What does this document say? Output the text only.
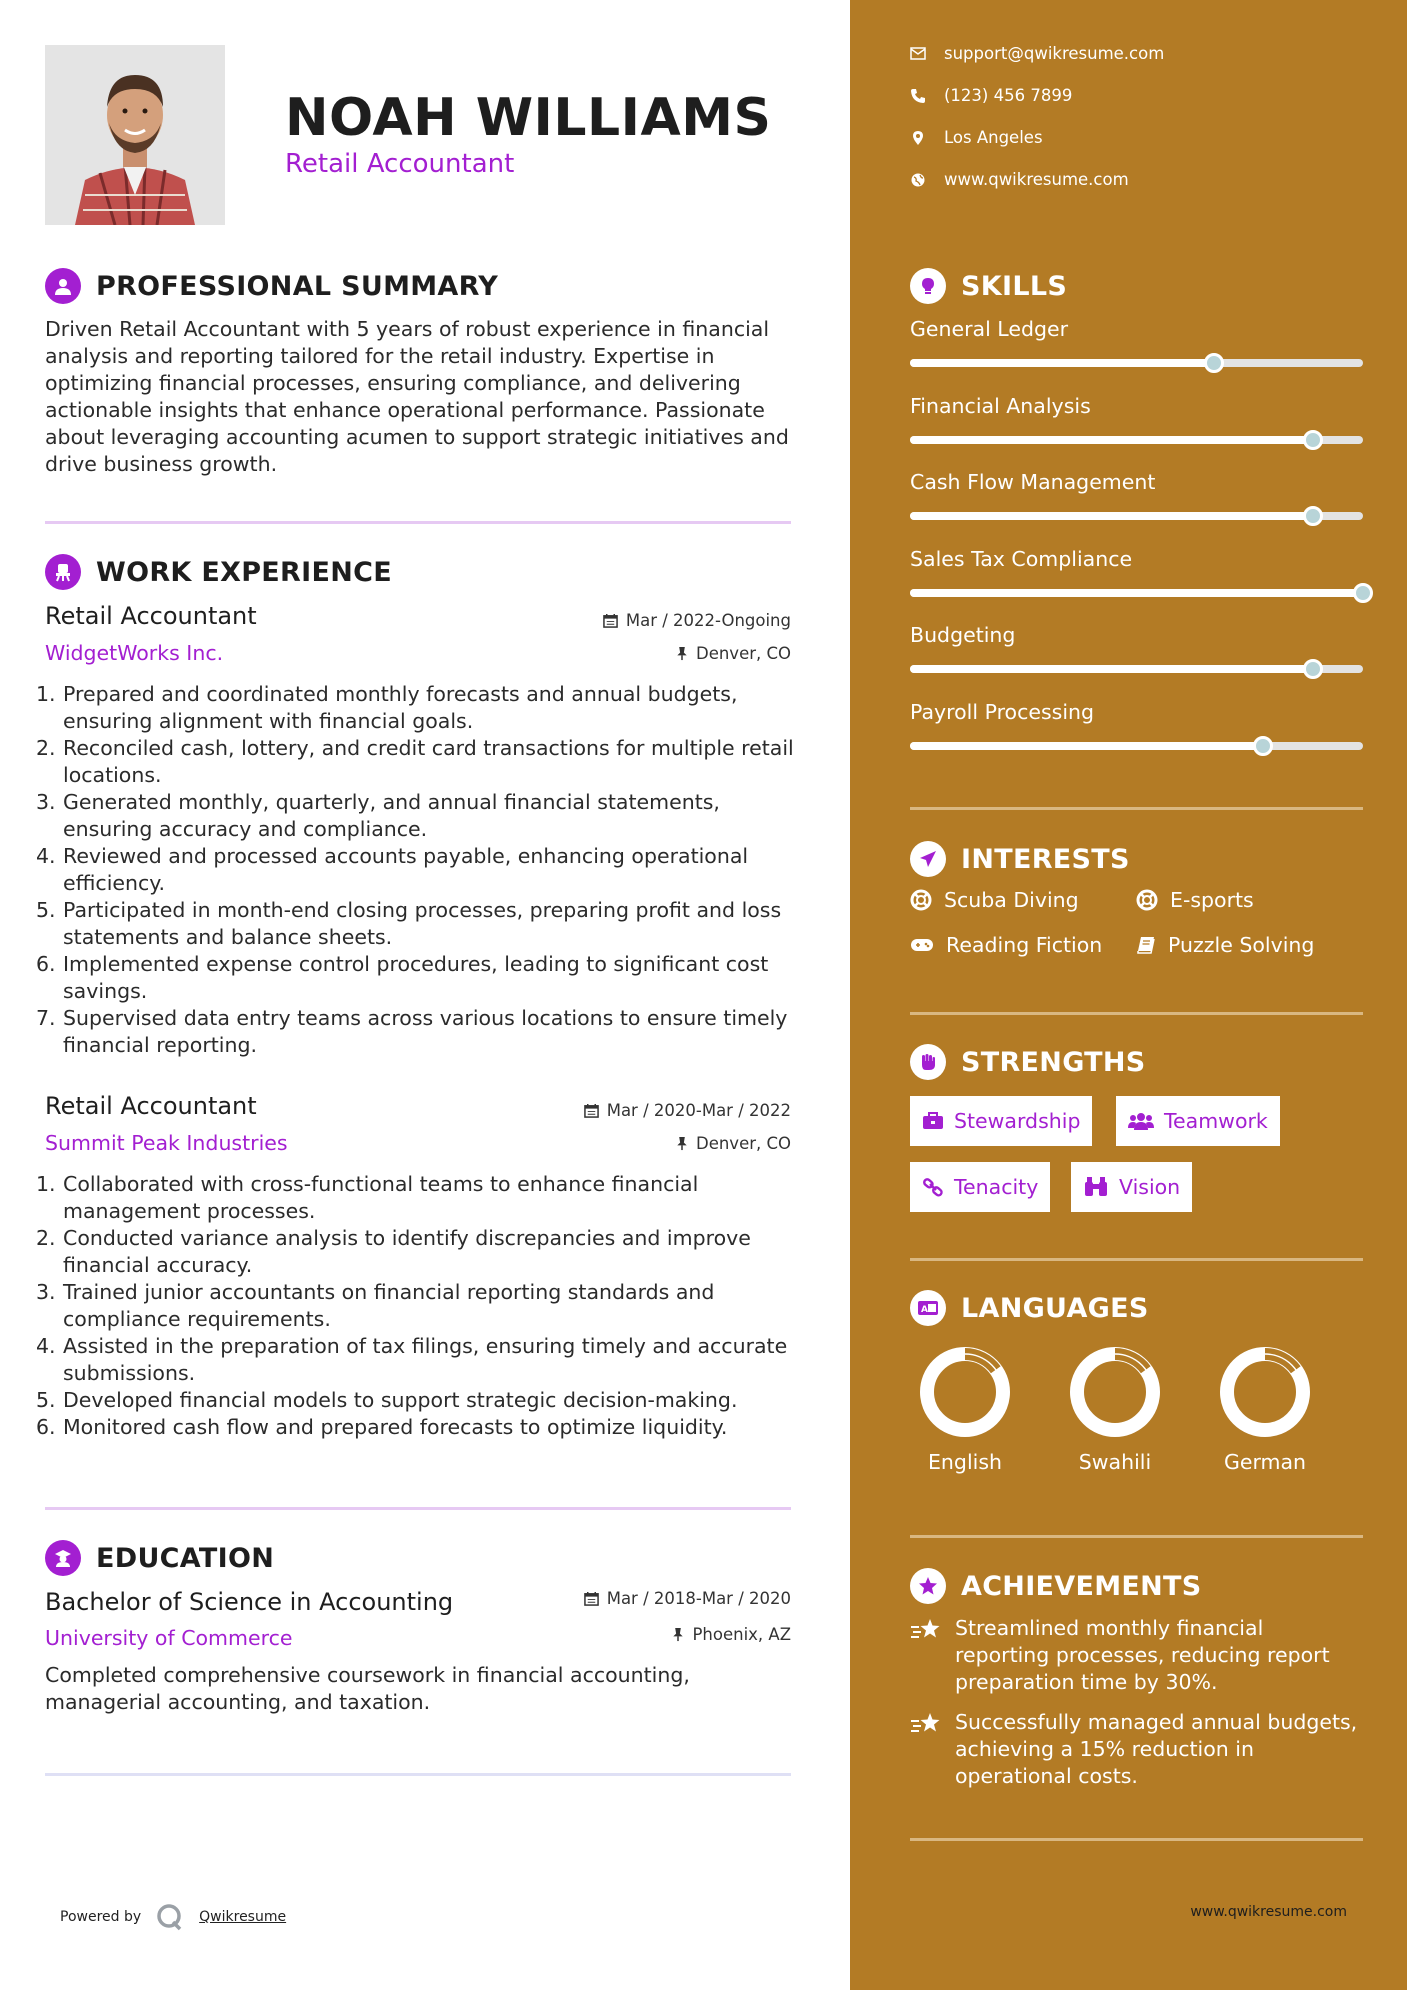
NOAH WILLIAMS
Retail Accountant
PROFESSIONAL SUMMARY
Driven Retail Accountant with 5 years of robust experience in financial analysis and reporting tailored for the retail industry. Expertise in optimizing financial processes, ensuring compliance, and delivering actionable insights that enhance operational performance. Passionate about leveraging accounting acumen to support strategic initiatives and drive business growth.
WORK EXPERIENCE
Retail Accountant	Mar / 2022-Ongoing
WidgetWorks Inc.	Denver, CO
1. Prepared and coordinated monthly forecasts and annual budgets, ensuring alignment with financial goals.
2. Reconciled cash, lottery, and credit card transactions for multiple retail locations.
3. Generated monthly, quarterly, and annual financial statements, ensuring accuracy and compliance.
4. Reviewed and processed accounts payable, enhancing operational efficiency.
5. Participated in month-end closing processes, preparing profit and loss statements and balance sheets.
6. Implemented expense control procedures, leading to significant cost savings.
7. Supervised data entry teams across various locations to ensure timely financial reporting.
Retail Accountant	Mar / 2020-Mar / 2022
Summit Peak Industries	Denver, CO
1. Collaborated with cross-functional teams to enhance financial management processes.
2. Conducted variance analysis to identify discrepancies and improve financial accuracy.
3. Trained junior accountants on financial reporting standards and compliance requirements.
4. Assisted in the preparation of tax filings, ensuring timely and accurate submissions.
5. Developed financial models to support strategic decision-making.
6. Monitored cash flow and prepared forecasts to optimize liquidity.
EDUCATION
Bachelor of Science in Accounting	Mar / 2018-Mar / 2020
University of Commerce	Phoenix, AZ
Completed comprehensive coursework in financial accounting, managerial accounting, and taxation.
Powered by	Qwikresume
support@qwikresume.com
(123) 456 7899
Los Angeles
www.qwikresume.com
SKILLS
General Ledger
Financial Analysis
Cash Flow Management
Sales Tax Compliance
Budgeting
Payroll Processing
INTERESTS
Scuba Diving	E-sports
Reading Fiction	Puzzle Solving
STRENGTHS
Stewardship	Teamwork
Tenacity	Vision
A LANGUAGES
English	Swahili	German
ACHIEVEMENTS
Streamlined monthly financial reporting processes, reducing report preparation time by 30%.
Successfully managed annual budgets, achieving a 15% reduction in operational costs.
www.qwikresume.com
